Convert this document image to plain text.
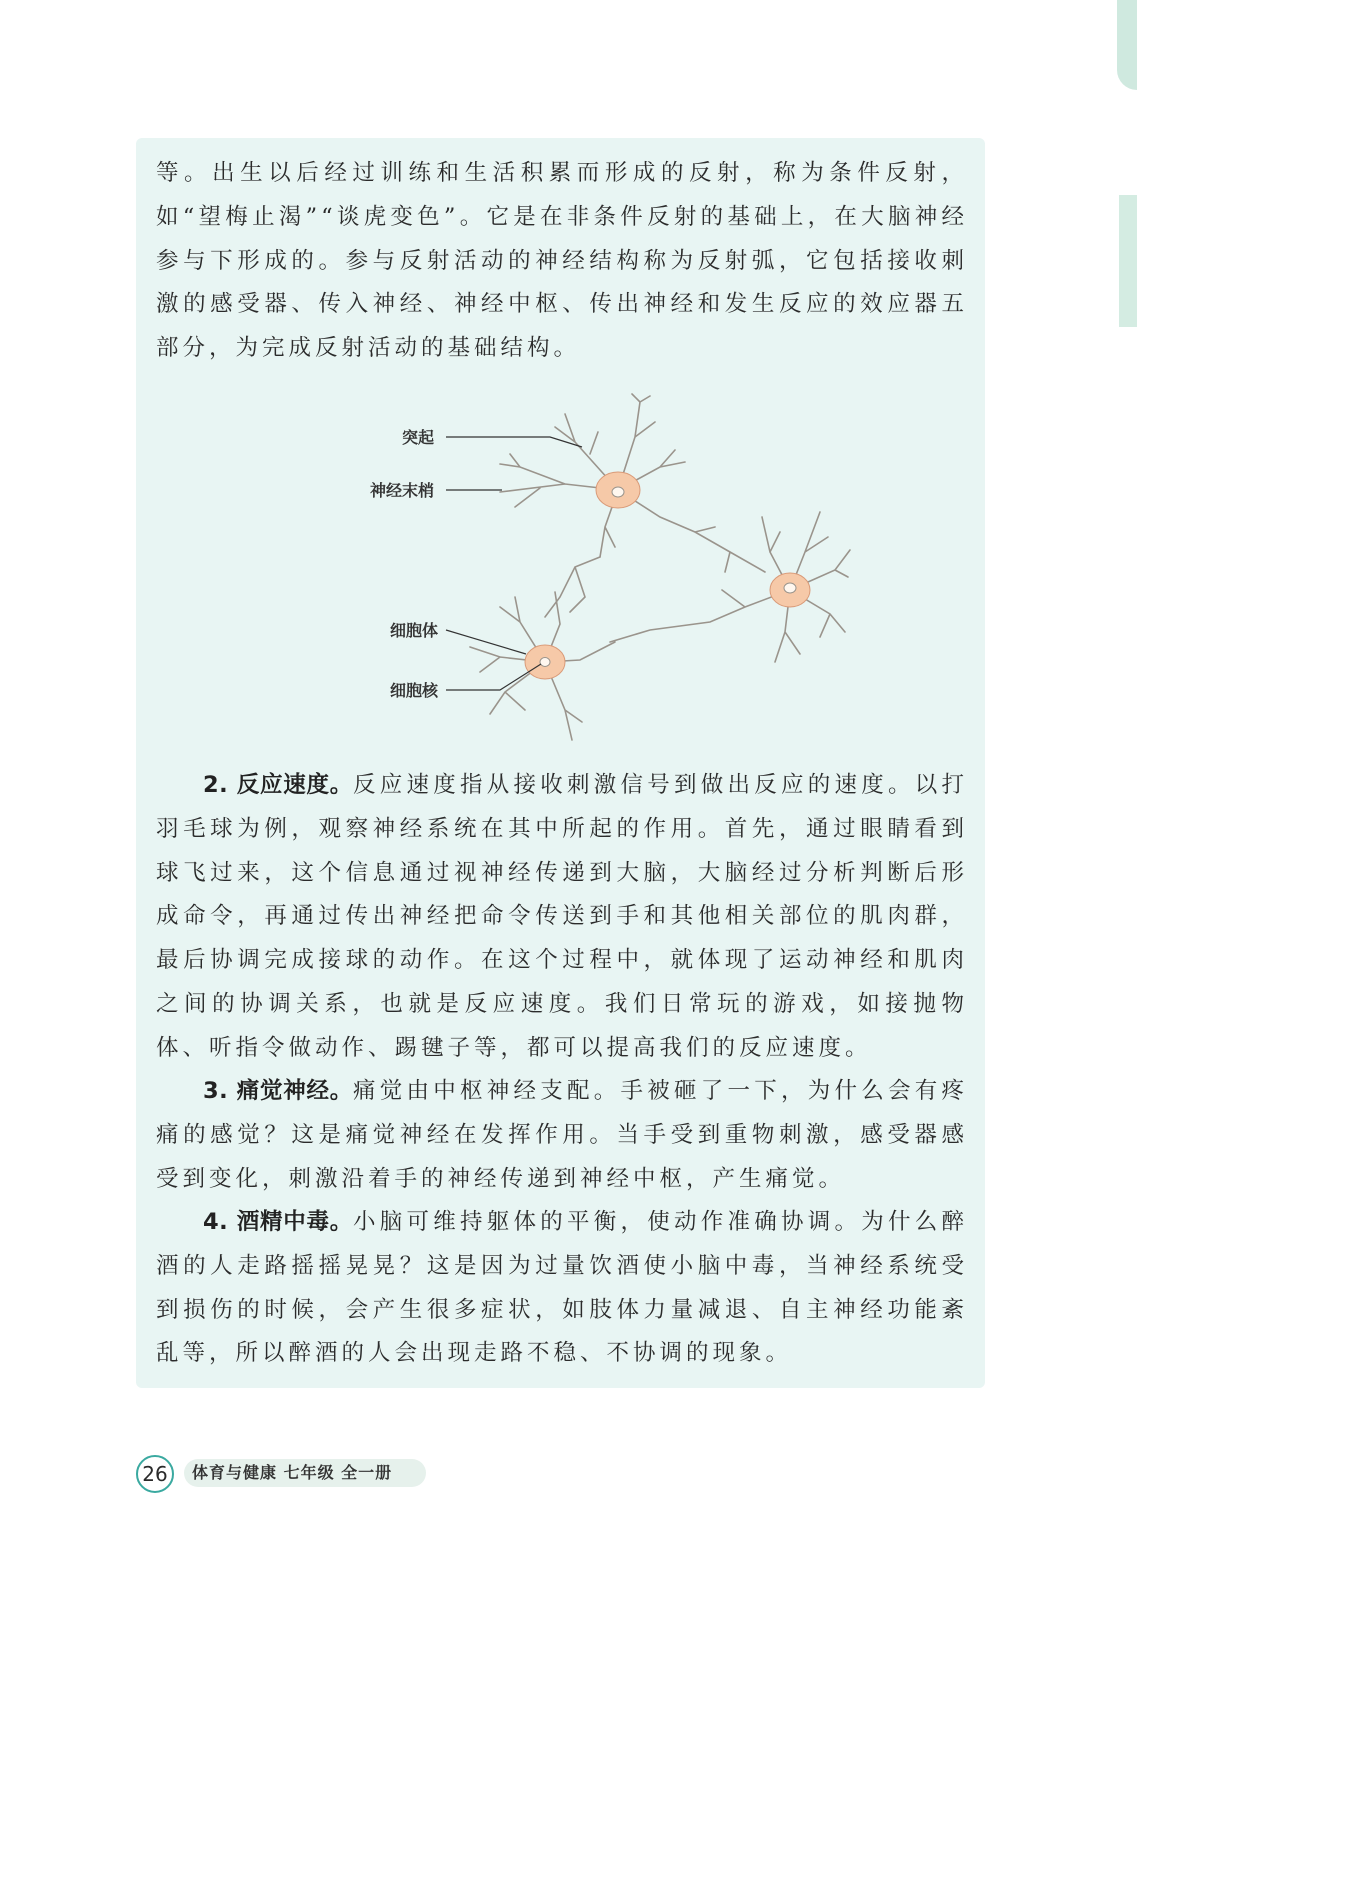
等。出生以后经过训练和生活积累而形成的反射，称为条件反射，如“望梅止渴”“谈虎变色”。它是在非条件反射的基础上，在大脑神经参与下形成的。参与反射活动的神经结构称为反射弧，它包括接收刺激的感受器、传入神经、神经中枢、传出神经和发生反应的效应器五部分，为完成反射活动的基础结构。

突起
神经末梢
细胞体
细胞核

2. 反应速度。反应速度指从接收刺激信号到做出反应的速度。以打羽毛球为例，观察神经系统在其中所起的作用。首先，通过眼睛看到球飞过来，这个信息通过视神经传递到大脑，大脑经过分析判断后形成命令，再通过传出神经把命令传送到手和其他相关部位的肌肉群，最后协调完成接球的动作。在这个过程中，就体现了运动神经和肌肉之间的协调关系，也就是反应速度。我们日常玩的游戏，如接抛物体、听指令做动作、踢毽子等，都可以提高我们的反应速度。

3. 痛觉神经。痛觉由中枢神经支配。手被砸了一下，为什么会有疼痛的感觉？这是痛觉神经在发挥作用。当手受到重物刺激，感受器感受到变化，刺激沿着手的神经传递到神经中枢，产生痛觉。

4. 酒精中毒。小脑可维持躯体的平衡，使动作准确协调。为什么醉酒的人走路摇摇晃晃？这是因为过量饮酒使小脑中毒，当神经系统受到损伤的时候，会产生很多症状，如肢体力量减退、自主神经功能紊乱等，所以醉酒的人会出现走路不稳、不协调的现象。

26	体育与健康 七年级 全一册
